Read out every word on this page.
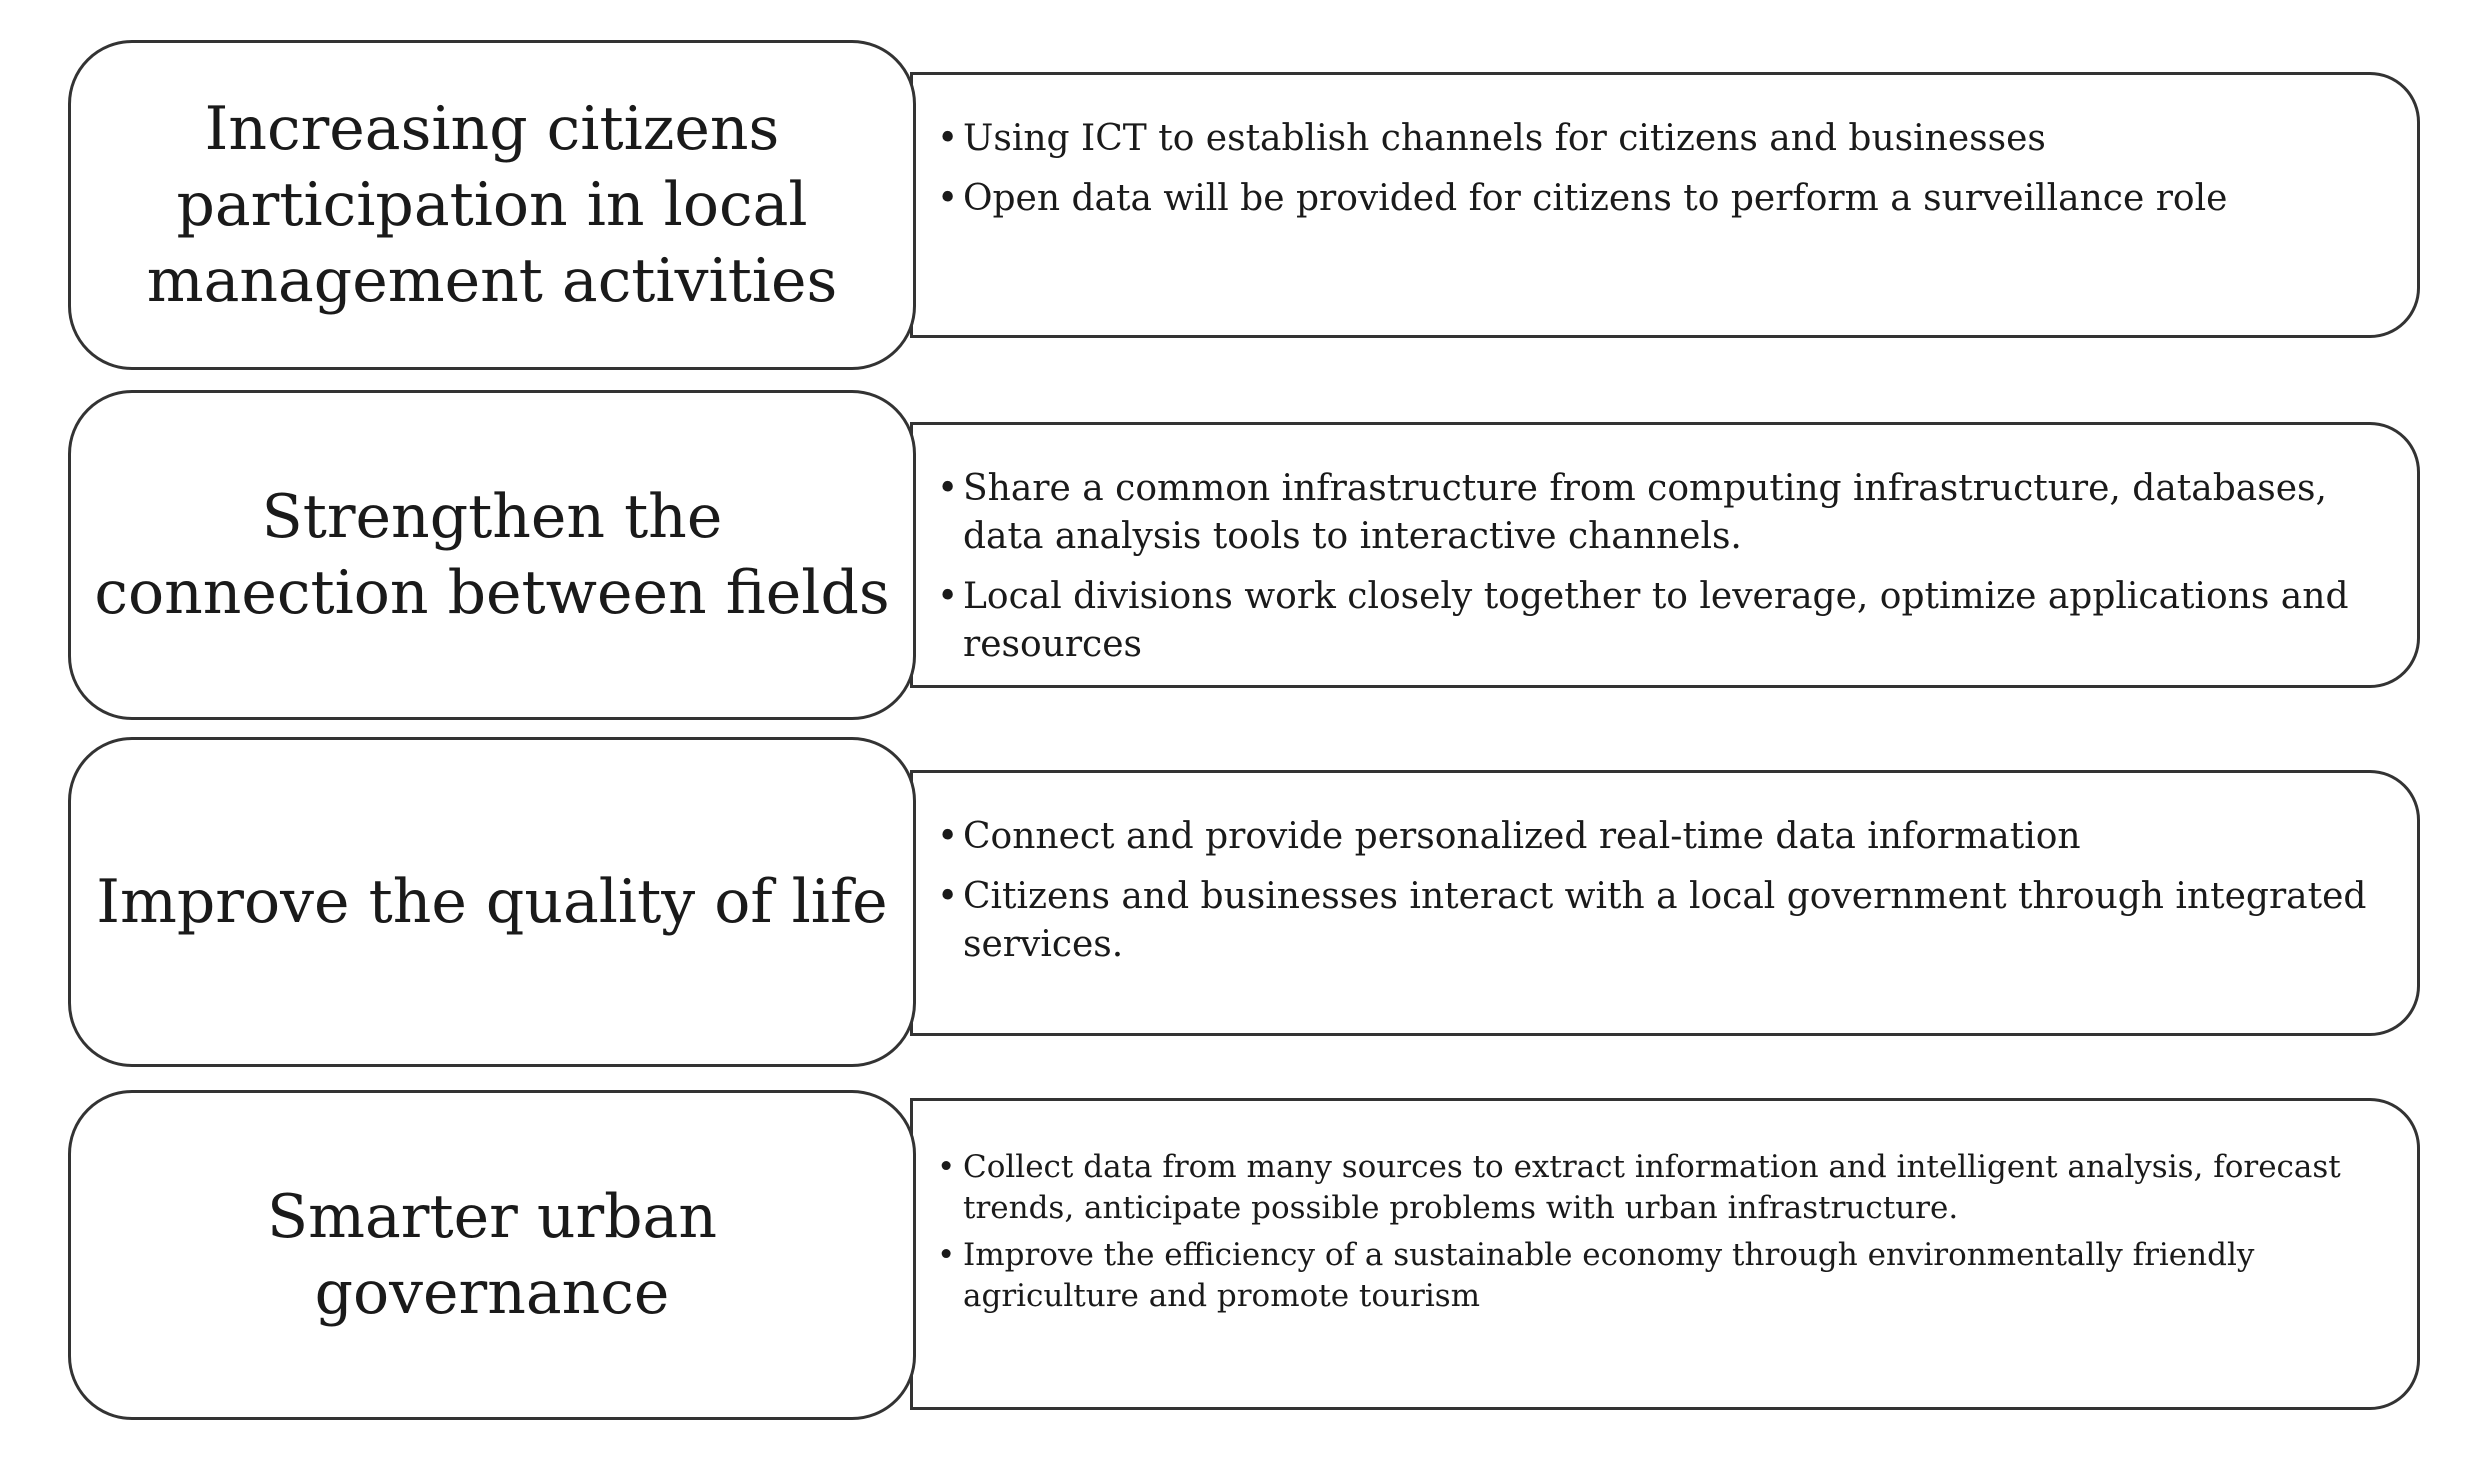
• Using ICT to establish channels for citizens and businesses
• Open data will be provided for citizens to perform a surveillance role
Increasing citizens participation in local management activities
• Share a common infrastructure from computing infrastructure, databases, data analysis tools to interactive channels.
• Local divisions work closely together to leverage, optimize applications and resources
Strengthen the connection between fields
• Connect and provide personalized real-time data information
• Citizens and businesses interact with a local government through integrated services.
Improve the quality of life
• Collect data from many sources to extract information and intelligent analysis, forecast trends, anticipate possible problems with urban infrastructure.
• Improve the efficiency of a sustainable economy through environmentally friendly agriculture and promote tourism
Smarter urban governance
